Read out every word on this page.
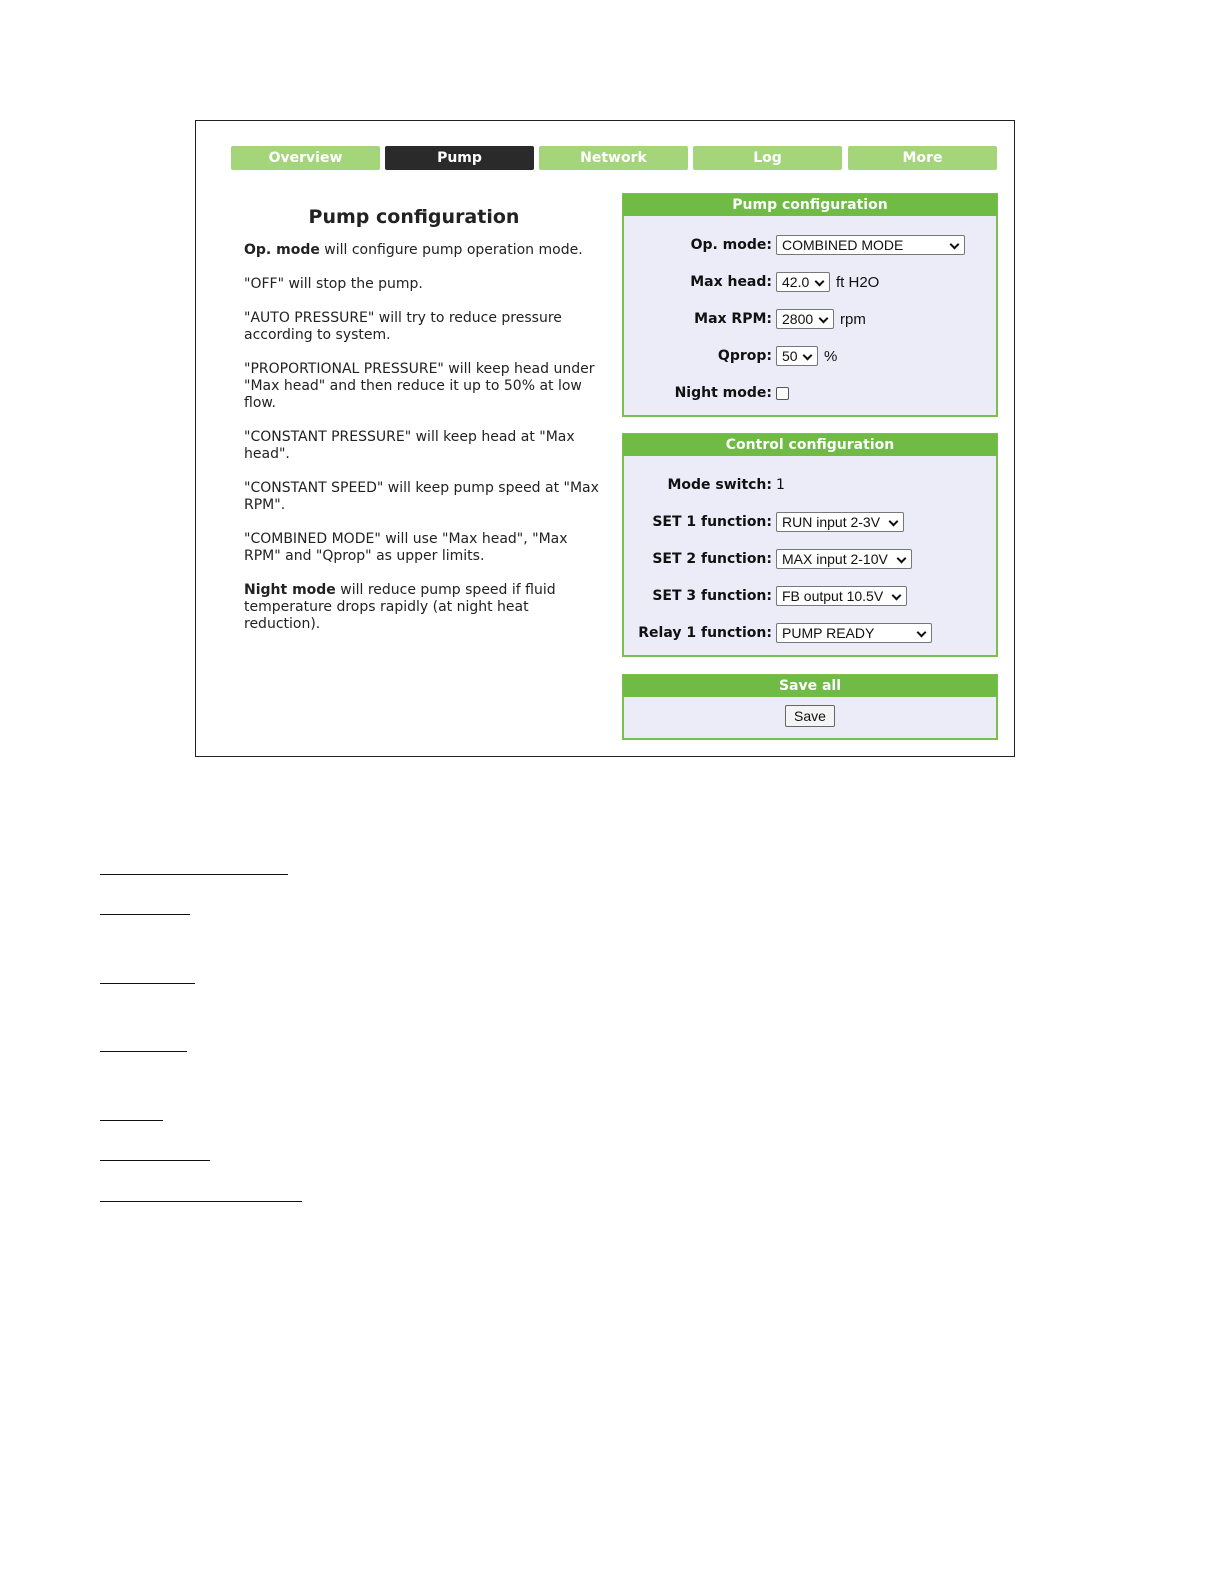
Overview	Pump	Network	Log	More
Pump configuration

Op. mode will configure pump operation mode.

"OFF" will stop the pump.

"AUTO PRESSURE" will try to reduce pressure according to system.

"PROPORTIONAL PRESSURE" will keep head under "Max head" and then reduce it up to 50% at low flow.

"CONSTANT PRESSURE" will keep head at "Max head".

"CONSTANT SPEED" will keep pump speed at "Max RPM".

"COMBINED MODE" will use "Max head", "Max RPM" and "Qprop" as upper limits.

Night mode will reduce pump speed if fluid temperature drops rapidly (at night heat reduction).

Pump configuration
Op. mode: COMBINED MODE
Max head: 42.0	ft H2O
Max RPM: 2800	rpm
Qprop: 50	%
Night mode:
Control configuration
Mode switch: 1
SET 1 function: RUN input 2-3V
SET 2 function: MAX input 2-10V
SET 3 function: FB output 10.5V
Relay 1 function: PUMP READY
Save all
Save
